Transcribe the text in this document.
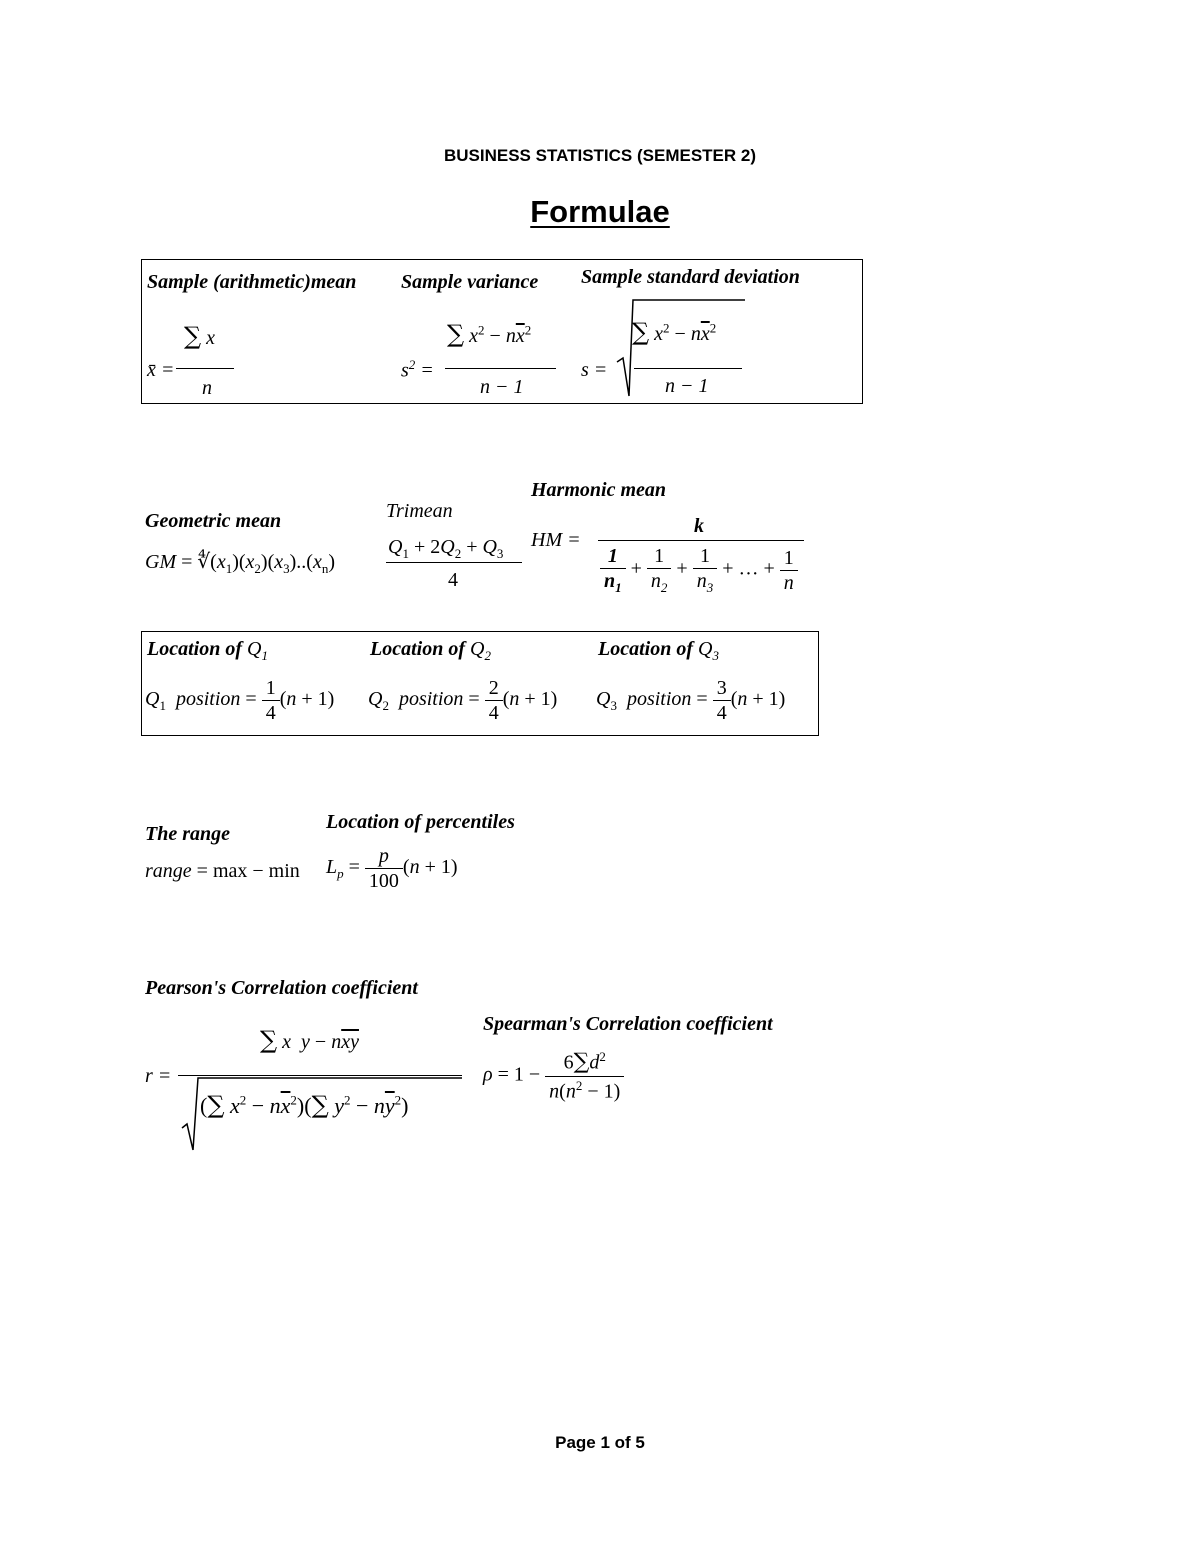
BUSINESS STATISTICS (SEMESTER 2)
Formulae
Sample (arithmetic)mean Sample variance Sample standard deviation
x̄ =
∑ x
n
$s^2$ =
∑ $x^2 - n\overline{x}^2$
n − 1
s =
∑ $x^2 - n\overline{x}^2$
n − 1
Harmonic mean
Trimean
Geometric mean
GM = $∜(x_1)(x_2)(x_3)..(x_n)$
$Q_1 + 2Q_2 + Q_3$
4
HM =
k
$\frac{1}{n_1} + \frac{1}{n_2} + \frac{1}{n_3}$ + … + $\frac{1}{n}$
Location of $Q_1$	Location of $Q_2$	Location of $Q_3$
$Q_1$ position = $\frac{1}{4} (n + 1)$ $Q_2$ position = $\frac{2}{4} (n + 1)$ $Q_3$ position = $\frac{3}{4} (n + 1)$
Location of percentiles
The range
range = $\max - \min L_p = \frac{p}{100} (n + 1)$
Pearson's Correlation coefficient
Spearman's Correlation coefficient
r =
∑ x $y - n\overline{xy}$
(∑ $x^2 - n\overline{x}^2)(\sum$ $y^2 - n\overline{y}^2$)
$\rho = 1 - \frac{6\sum d^2}{n(n^2 - 1)}$
Page 1 of 5
